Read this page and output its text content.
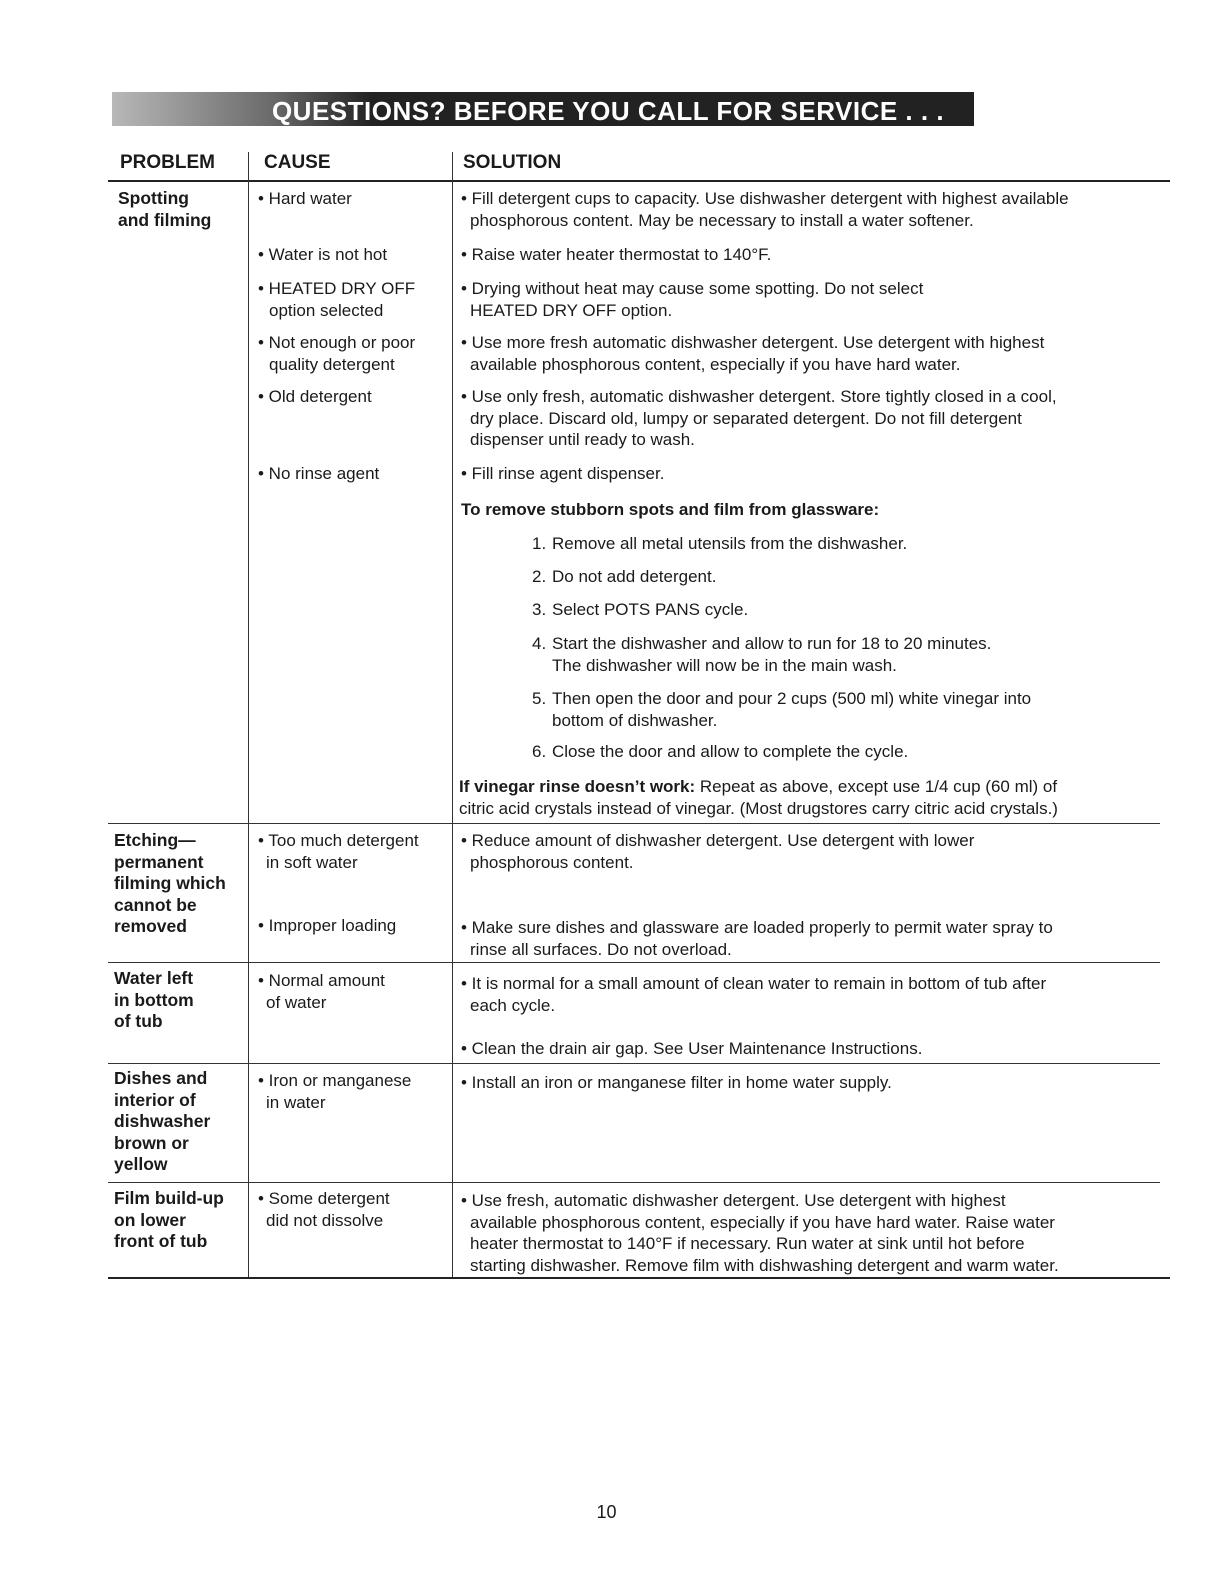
QUESTIONS? BEFORE YOU CALL FOR SERVICE . . .
PROBLEM	CAUSE	SOLUTION
Spotting
and filming
Etching—
permanent
filming which
cannot be
removed
Water left
in bottom
of tub
Dishes and
interior of
dishwasher
brown or
yellow
Film build-up
on lower
front of tub
• Hard water
• Water is not hot
• HEATED DRY OFF
option selected
• Not enough or poor
quality detergent
• Old detergent
• No rinse agent
• Too much detergent
in soft water
• Improper loading
• Normal amount
of water
• Iron or manganese
in water
• Some detergent
did not dissolve
• Fill detergent cups to capacity. Use dishwasher detergent with highest available
phosphorous content. May be necessary to install a water softener.
• Raise water heater thermostat to 140°F.
• Drying without heat may cause some spotting. Do not select
HEATED DRY OFF option.
• Use more fresh automatic dishwasher detergent. Use detergent with highest
available phosphorous content, especially if you have hard water.
• Use only fresh, automatic dishwasher detergent. Store tightly closed in a cool,
dry place. Discard old, lumpy or separated detergent. Do not fill detergent
dispenser until ready to wash.
• Fill rinse agent dispenser.
To remove stubborn spots and film from glassware:
1. Remove all metal utensils from the dishwasher.
2. Do not add detergent.
3. Select POTS PANS cycle.
4. Start the dishwasher and allow to run for 18 to 20 minutes.
The dishwasher will now be in the main wash.
5. Then open the door and pour 2 cups (500 ml) white vinegar into
bottom of dishwasher.
6. Close the door and allow to complete the cycle.
If vinegar rinse doesn’t work: Repeat as above, except use 1/4 cup (60 ml) of
citric acid crystals instead of vinegar. (Most drugstores carry citric acid crystals.)
• Reduce amount of dishwasher detergent. Use detergent with lower
phosphorous content.
• Make sure dishes and glassware are loaded properly to permit water spray to
rinse all surfaces. Do not overload.
• It is normal for a small amount of clean water to remain in bottom of tub after
each cycle.
• Clean the drain air gap. See User Maintenance Instructions.
• Install an iron or manganese filter in home water supply.
• Use fresh, automatic dishwasher detergent. Use detergent with highest
available phosphorous content, especially if you have hard water. Raise water
heater thermostat to 140°F if necessary. Run water at sink until hot before
starting dishwasher. Remove film with dishwashing detergent and warm water.
10
